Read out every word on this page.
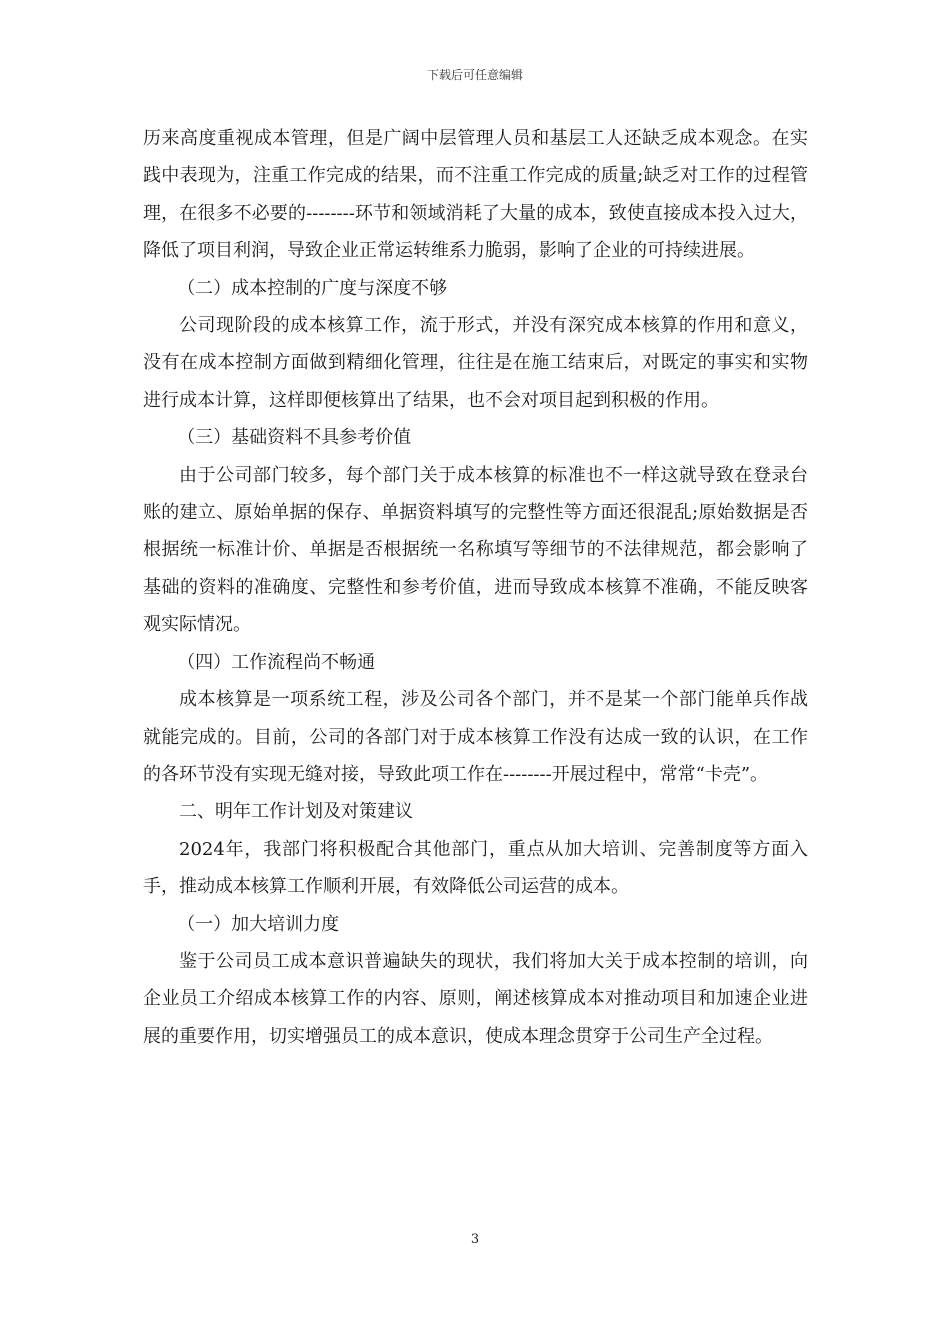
下载后可任意编辑

历来高度重视成本管理，但是广阔中层管理人员和基层工人还缺乏成本观念。在实践中表现为，注重工作完成的结果，而不注重工作完成的质量;缺乏对工作的过程管理，在很多不必要的--------环节和领域消耗了大量的成本，致使直接成本投入过大，降低了项目利润，导致企业正常运转维系力脆弱，影响了企业的可持续进展。

（二）成本控制的广度与深度不够

公司现阶段的成本核算工作，流于形式，并没有深究成本核算的作用和意义，没有在成本控制方面做到精细化管理，往往是在施工结束后，对既定的事实和实物进行成本计算，这样即便核算出了结果，也不会对项目起到积极的作用。

（三）基础资料不具参考价值

由于公司部门较多，每个部门关于成本核算的标准也不一样这就导致在登录台账的建立、原始单据的保存、单据资料填写的完整性等方面还很混乱;原始数据是否根据统一标准计价、单据是否根据统一名称填写等细节的不法律规范，都会影响了基础的资料的准确度、完整性和参考价值，进而导致成本核算不准确，不能反映客观实际情况。

（四）工作流程尚不畅通

成本核算是一项系统工程，涉及公司各个部门，并不是某一个部门能单兵作战就能完成的。目前，公司的各部门对于成本核算工作没有达成一致的认识，在工作的各环节没有实现无缝对接，导致此项工作在--------开展过程中，常常“卡壳”。

二、明年工作计划及对策建议

2024年，我部门将积极配合其他部门，重点从加大培训、完善制度等方面入手，推动成本核算工作顺利开展，有效降低公司运营的成本。

（一）加大培训力度

鉴于公司员工成本意识普遍缺失的现状，我们将加大关于成本控制的培训，向企业员工介绍成本核算工作的内容、原则，阐述核算成本对推动项目和加速企业进展的重要作用，切实增强员工的成本意识，使成本理念贯穿于公司生产全过程。

3
